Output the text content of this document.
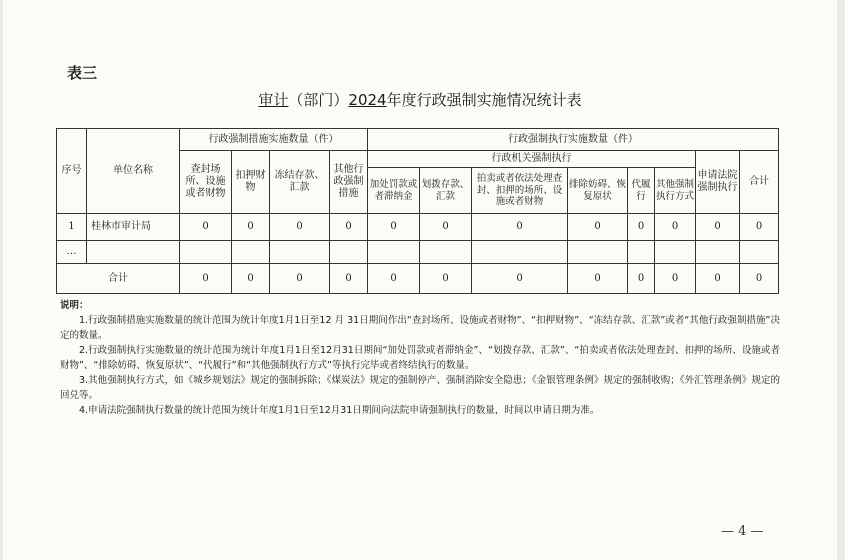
表三
审计（部门）2024年度行政强制实施情况统计表
序号	单位名称	行政强制措施实施数量（件）				行政强制执行实施数量（件）							
		查封场所、设施或者财物	扣押财物	冻结存款、汇款	其他行政强制措施	行政机关强制执行						申请法院强制执行	合计
						加处罚款或者滞纳金	划拨存款、汇款	拍卖或者依法处理查封、扣押的场所、设施或者财物	排除妨碍、恢复原状	代履行	其他强制执行方式		
1	桂林市审计局	0	0	0	0	0	0	0	0	0	0	0	0
…													
合计		0	0	0	0	0	0	0	0	0	0	0	0
说明：

1.行政强制措施实施数量的统计范围为统计年度1月1日至12 月 31日期间作出“查封场所、设施或者财物”、“扣押财物”、“冻结存款、汇款”或者“其他行政强制措施”决定的数量。

2.行政强制执行实施数量的统计范围为统计年度1月1日至12月31日期间“加处罚款或者滞纳金”、“划拨存款、汇款”、“拍卖或者依法处理查封、扣押的场所、设施或者财物”、“排除妨碍、恢复原状”、“代履行”和“其他强制执行方式”等执行完毕或者终结执行的数量。

3.其他强制执行方式，如《城乡规划法》规定的强制拆除；《煤炭法》规定的强制停产、强制消除安全隐患；《金银管理条例》规定的强制收购；《外汇管理条例》规定的回兑等。

4.申请法院强制执行数量的统计范围为统计年度1月1日至12月31日期间向法院申请强制执行的数量，时间以申请日期为准。

— 4 —
